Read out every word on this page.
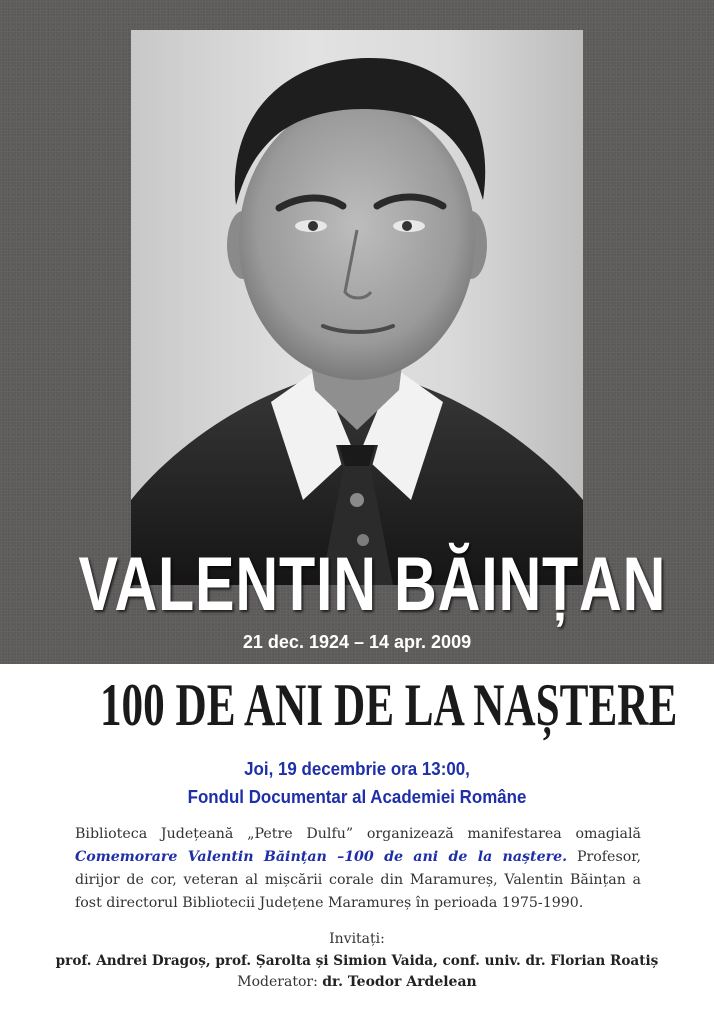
VALENTIN BĂINȚAN
21 dec. 1924 – 14 apr. 2009
100 DE ANI DE LA NAȘTERE
Joi, 19 decembrie ora 13:00,
Fondul Documentar al Academiei Române
Biblioteca Județeană „Petre Dulfu” organizează manifestarea omagială Comemorare Valentin Băințan –100 de ani de la naștere. Profesor, dirijor de cor, veteran al mișcării corale din Maramureș, Valentin Băințan a fost directorul Bibliotecii Județene Maramureș în perioada 1975-1990.
Invitați:
prof. Andrei Dragoș, prof. Șarolta și Simion Vaida, conf. univ. dr. Florian Roatiș
Moderator: dr. Teodor Ardelean
